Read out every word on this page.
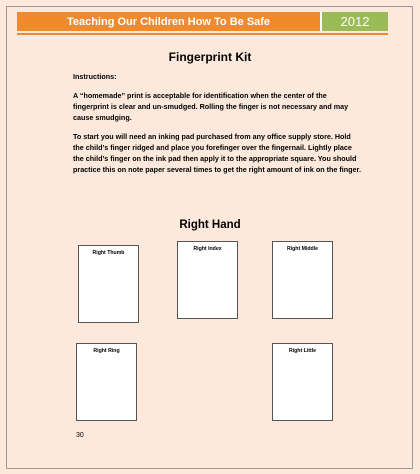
Teaching Our Children How To Be Safe	2012
Fingerprint Kit
Instructions:
A “homemade” print is acceptable for identification when the center of the fingerprint is clear and un-smudged. Rolling the finger is not necessary and may cause smudging.
To start you will need an inking pad purchased from any office supply store. Hold the child’s finger ridged and place you forefinger over the fingernail. Lightly place the child’s finger on the ink pad then apply it to the appropriate square. You should practice this on note paper several times to get the right amount of ink on the finger.
Right Hand
Right Thumb
Right Index	Right Middle
Right Ring	Right Little
30
